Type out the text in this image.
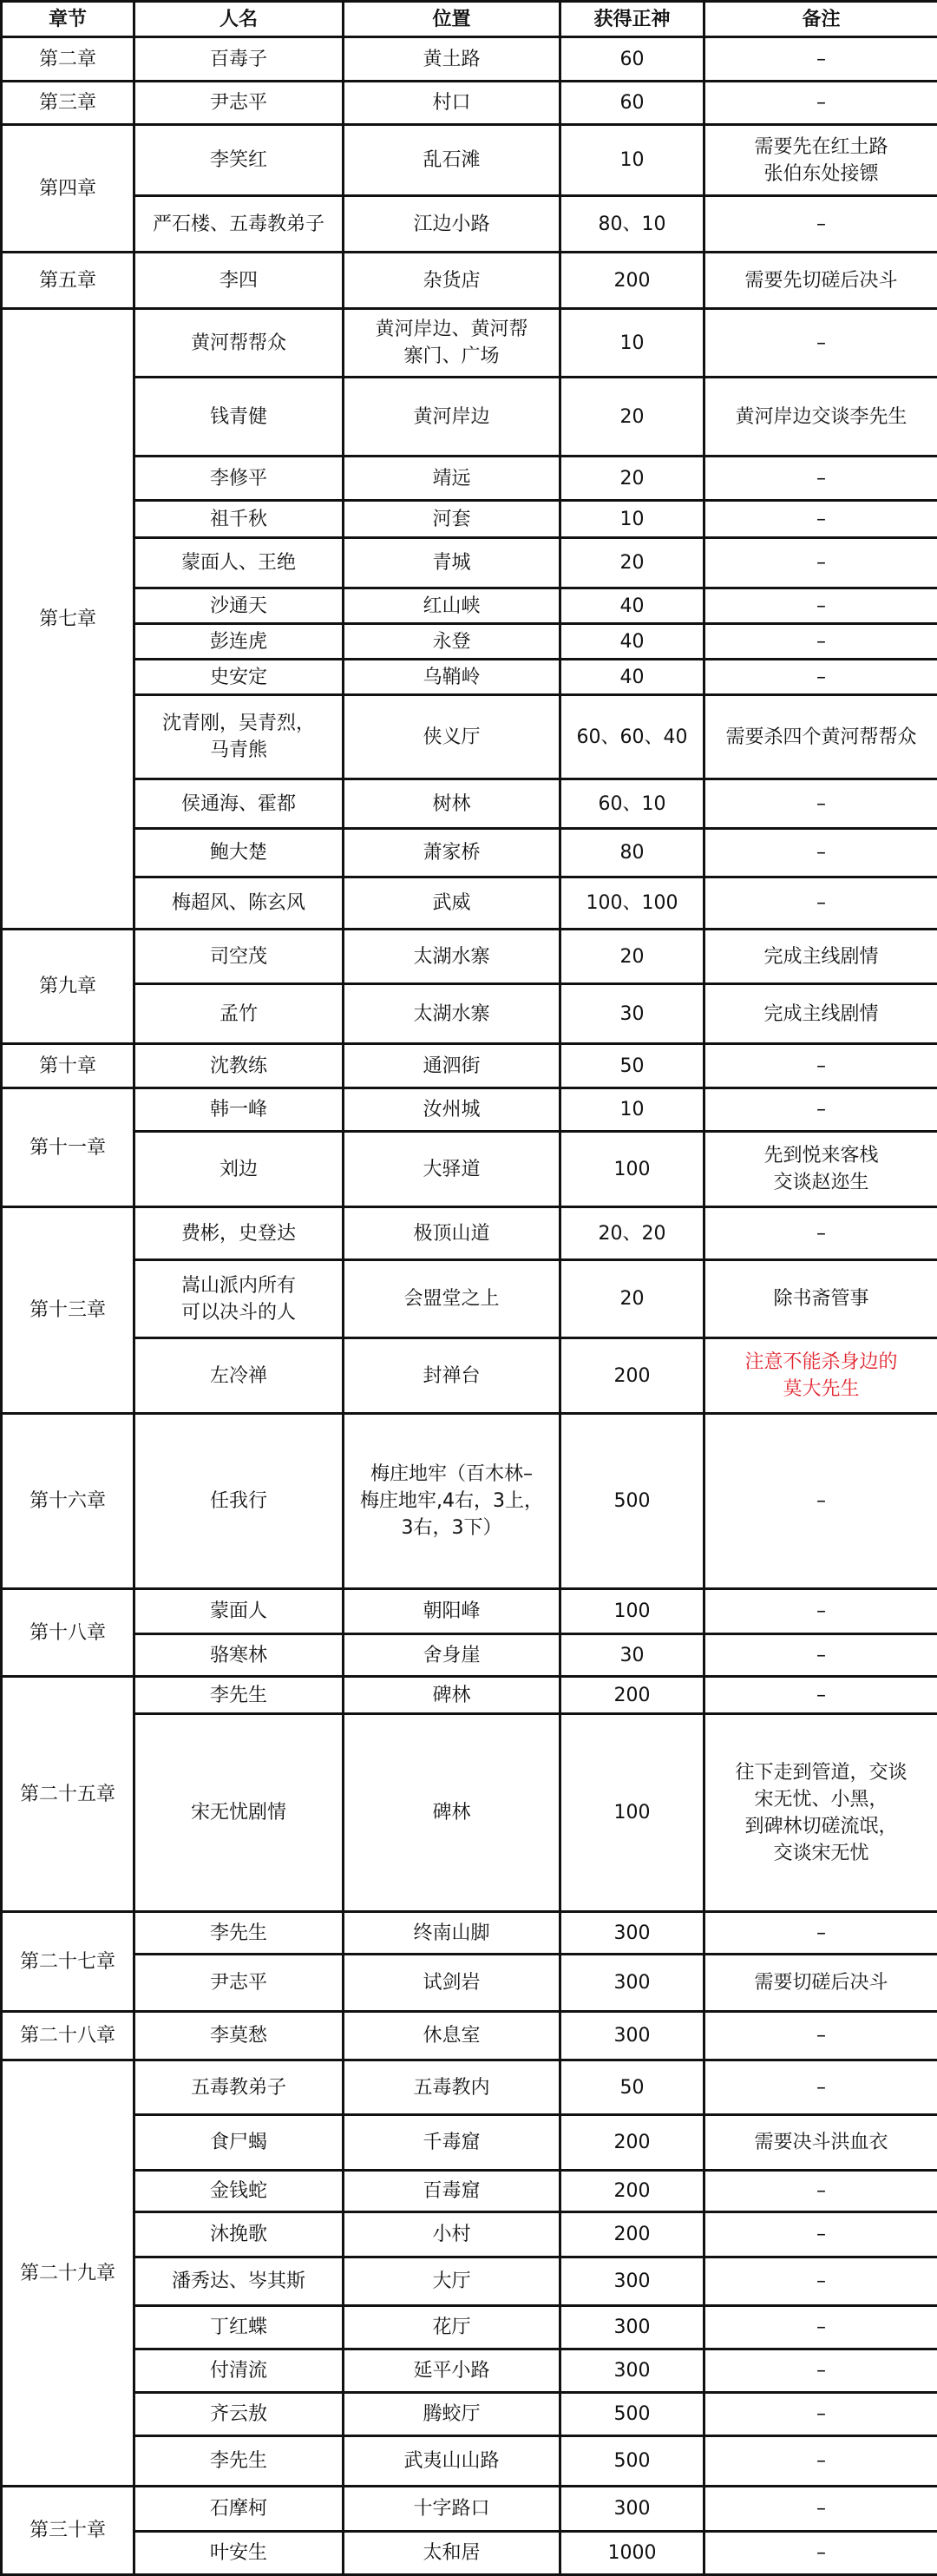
章节	人名	位置	获得正神	备注
第二章	百毒子	黄土路	60	–
第三章	尹志平	村口	60	–
第四章	李笑红	乱石滩	10	需要先在红土路
张伯东处接镖
	严石楼、五毒教弟子	江边小路	80、10	–
第五章	李四	杂货店	200	需要先切磋后决斗
第七章	黄河帮帮众	黄河岸边、黄河帮
寨门、广场	10	–
	钱青健	黄河岸边	20	黄河岸边交谈李先生
	李修平	靖远	20	–
	祖千秋	河套	10	–
	蒙面人、王绝	青城	20	–
	沙通天	红山峡	40	–
	彭连虎	永登	40	–
	史安定	乌鞘岭	40	–
	沈青刚，吴青烈，
马青熊	侠义厅	60、60、40	需要杀四个黄河帮帮众
	侯通海、霍都	树林	60、10	–
	鲍大楚	萧家桥	80	–
	梅超风、陈玄风	武威	100、100	–
第九章	司空茂	太湖水寨	20	完成主线剧情
	孟竹	太湖水寨	30	完成主线剧情
第十章	沈教练	通泗街	50	–
第十一章	韩一峰	汝州城	10	–
	刘边	大驿道	100	先到悦来客栈
交谈赵迩生
第十三章	费彬，史登达	极顶山道	20、20	–
	嵩山派内所有
可以决斗的人	会盟堂之上	20	除书斋管事
	左冷禅	封禅台	200	注意不能杀身边的
莫大先生
第十六章	任我行	梅庄地牢（百木林–
梅庄地牢,4右，3上，
3右，3下）	500	–
第十八章	蒙面人	朝阳峰	100	–
	骆寒林	舍身崖	30	–
第二十五章	李先生	碑林	200	–
	宋无忧剧情	碑林	100	往下走到管道，交谈
宋无忧、小黑，
到碑林切磋流氓，
交谈宋无忧
第二十七章	李先生	终南山脚	300	–
	尹志平	试剑岩	300	需要切磋后决斗
第二十八章	李莫愁	休息室	300	–
第二十九章	五毒教弟子	五毒教内	50	–
	食尸蝎	千毒窟	200	需要决斗洪血衣
	金钱蛇	百毒窟	200	–
	沐挽歌	小村	200	–
	潘秀达、岑其斯	大厅	300	–
	丁红蝶	花厅	300	–
	付清流	延平小路	300	–
	齐云敖	腾蛟厅	500	–
	李先生	武夷山山路	500	–
第三十章	石摩柯	十字路口	300	–
	叶安生	太和居	1000	–
